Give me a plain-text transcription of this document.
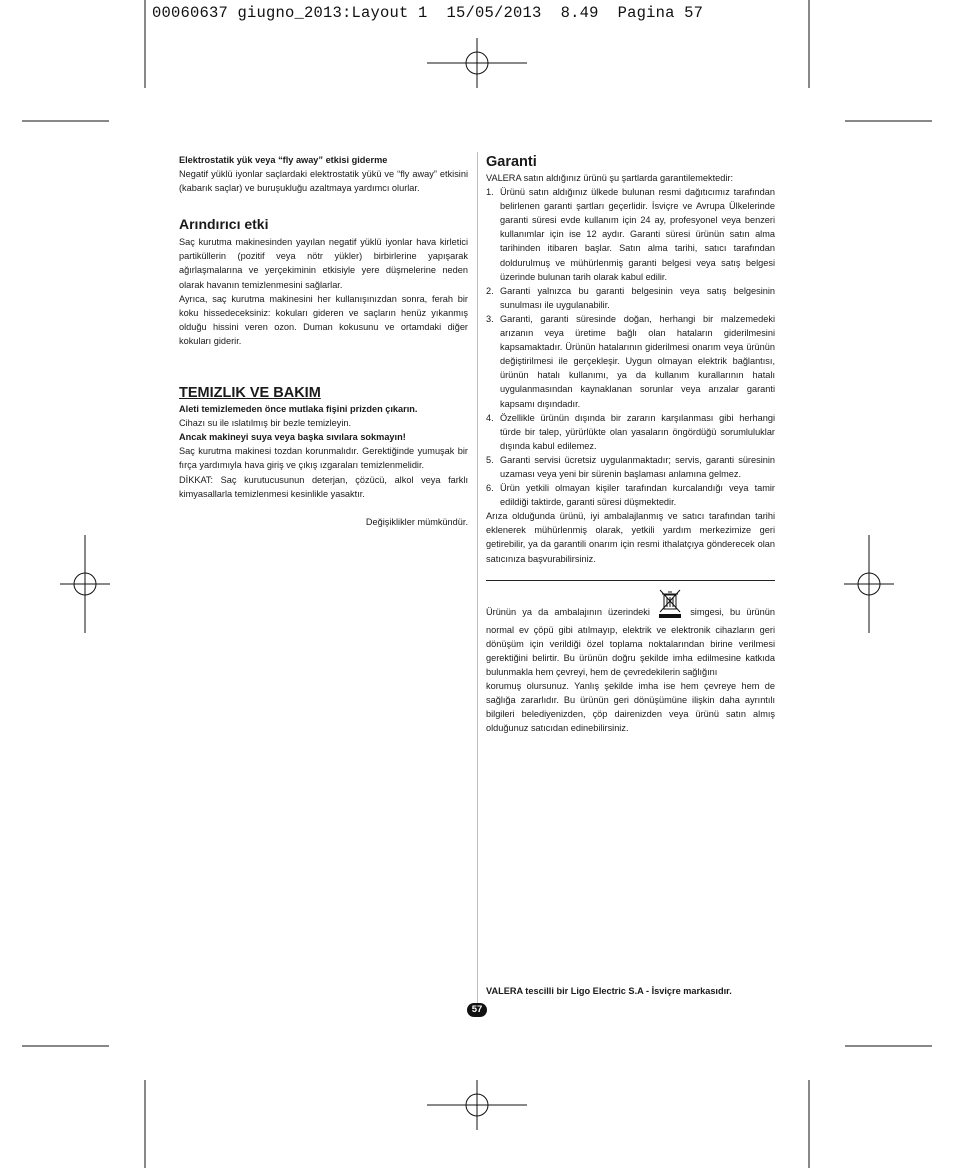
00060637 giugno_2013:Layout 1  15/05/2013  8.49  Pagina 57

Elektrostatik yük veya “fly away” etkisi giderme

Negatif yüklü iyonlar saçlardaki elektrostatik yükü ve “fly away” etkisini (kabarık saçlar) ve buruşukluğu azaltmaya yardımcı olurlar.

Arındırıcı etki

Saç kurutma makinesinden yayılan negatif yüklü iyonlar hava kirletici partiküllerin (pozitif veya nötr yükler) birbirlerine yapışarak ağırlaşmalarına ve yerçekiminin etkisiyle yere düşmelerine neden olarak havanın temizlenmesini sağlarlar.

Ayrıca, saç kurutma makinesini her kullanışınızdan sonra, ferah bir koku hissedeceksiniz: kokuları gideren ve saçların henüz yıkanmış olduğu hissini veren ozon. Duman kokusunu ve ortamdaki diğer kokuları giderir.

TEMIZLIK VE BAKIM

Aleti temizlemeden önce mutlaka fişini prizden çıkarın.

Cihazı su ile ıslatılmış bir bezle temizleyin.

Ancak makineyi suya veya başka sıvılara sokmayın!

Saç kurutma makinesi tozdan korunmalıdır. Gerektiğinde yumuşak bir fırça yardımıyla hava giriş ve çıkış ızgaraları temizlenmelidir.

DİKKAT: Saç kurutucusunun deterjan, çözücü, alkol veya farklı kimyasallarla temizlenmesi kesinlikle yasaktır.

Değişiklikler mümkündür.

Garanti

VALERA satın aldığınız ürünü şu şartlarda garantilemektedir:

1. Ürünü satın aldığınız ülkede bulunan resmi dağıtıcımız tarafından belirlenen garanti şartları geçerlidir. İsviçre ve Avrupa Ülkelerinde garanti süresi evde kullanım için 24 ay, profesyonel veya benzeri kullanımlar için ise 12 aydır. Garanti süresi ürünün satın alma tarihinden itibaren başlar. Satın alma tarihi, satıcı tarafından doldurulmuş ve mühürlenmiş garanti belgesi veya satış belgesi üzerinde bulunan tarih olarak kabul edilir.
2. Garanti yalnızca bu garanti belgesinin veya satış belgesinin sunulması ile uygulanabilir.
3. Garanti, garanti süresinde doğan, herhangi bir malzemedeki arızanın veya üretime bağlı olan hataların giderilmesini kapsamaktadır. Ürünün hatalarının giderilmesi onarım veya ürünün değiştirilmesi ile gerçekleşir. Uygun olmayan elektrik bağlantısı, ürünün hatalı kullanımı, ya da kullanım kurallarının hatalı uygulanmasından kaynaklanan sorunlar veya arızalar garanti kapsamı dışındadır.
4. Özellikle ürünün dışında bir zararın karşılanması gibi herhangi türde bir talep, yürürlükte olan yasaların öngördüğü sorumluluklar dışında kabul edilemez.
5. Garanti servisi ücretsiz uygulanmaktadır; servis, garanti süresinin uzaması veya yeni bir sürenin başlaması anlamına gelmez.
6. Ürün yetkili olmayan kişiler tarafından kurcalandığı veya tamir edildiği taktirde, garanti süresi düşmektedir.

Arıza olduğunda ürünü, iyi ambalajlanmış ve satıcı tarafından tarihi eklenerek mühürlenmiş olarak, yetkili yardım merkezimize geri getirebilir, ya da garantili onarım için resmi ithalatçıya gönderecek olan satıcınıza başvurabilirsiniz.

Ürünün ya da ambalajının üzerindeki	simgesi, bu ürünün normal ev çöpü gibi atılmayıp, elektrik ve elektronik cihazların geri dönüşüm için verildiği özel toplama noktalarından birine verilmesi gerektiğini belirtir. Bu ürünün doğru şekilde imha edilmesine katkıda bulunmakla hem çevreyi, hem de çevredekilerin sağlığını

korumuş olursunuz. Yanlış şekilde imha ise hem çevreye hem de sağlığa zararlıdır. Bu ürünün geri dönüşümüne ilişkin daha ayrıntılı bilgileri belediyenizden, çöp dairenizden veya ürünü satın almış olduğunuz satıcıdan edinebilirsiniz.

VALERA tescilli bir Ligo Electric S.A - İsviçre markasıdır.
57
